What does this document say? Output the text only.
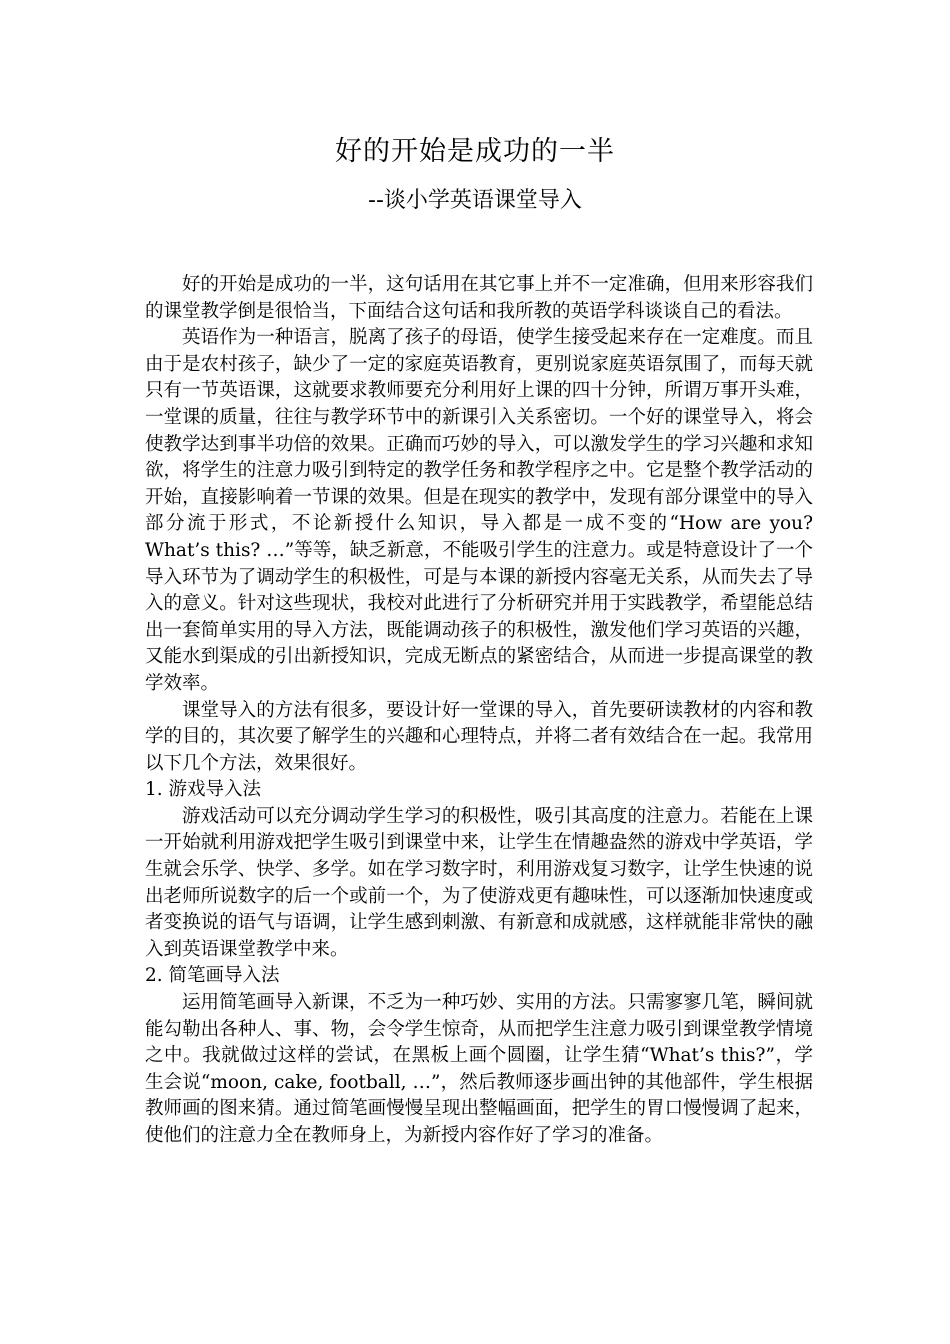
好的开始是成功的一半
--谈小学英语课堂导入

好的开始是成功的一半，这句话用在其它事上并不一定准确，但用来形容我们的课堂教学倒是很恰当，下面结合这句话和我所教的英语学科谈谈自己的看法。

英语作为一种语言，脱离了孩子的母语，使学生接受起来存在一定难度。而且由于是农村孩子，缺少了一定的家庭英语教育，更别说家庭英语氛围了，而每天就只有一节英语课，这就要求教师要充分利用好上课的四十分钟，所谓万事开头难，一堂课的质量，往往与教学环节中的新课引入关系密切。一个好的课堂导入，将会使教学达到事半功倍的效果。正确而巧妙的导入，可以激发学生的学习兴趣和求知欲，将学生的注意力吸引到特定的教学任务和教学程序之中。它是整个教学活动的开始，直接影响着一节课的效果。但是在现实的教学中，发现有部分课堂中的导入部分流于形式，不论新授什么知识，导入都是一成不变的“How are you? What’s this? …”等等，缺乏新意，不能吸引学生的注意力。或是特意设计了一个导入环节为了调动学生的积极性，可是与本课的新授内容毫无关系，从而失去了导入的意义。针对这些现状，我校对此进行了分析研究并用于实践教学，希望能总结出一套简单实用的导入方法，既能调动孩子的积极性，激发他们学习英语的兴趣，又能水到渠成的引出新授知识，完成无断点的紧密结合，从而进一步提高课堂的教学效率。

课堂导入的方法有很多，要设计好一堂课的导入，首先要研读教材的内容和教学的目的，其次要了解学生的兴趣和心理特点，并将二者有效结合在一起。我常用以下几个方法，效果很好。

1. 游戏导入法

游戏活动可以充分调动学生学习的积极性，吸引其高度的注意力。若能在上课一开始就利用游戏把学生吸引到课堂中来，让学生在情趣盎然的游戏中学英语，学生就会乐学、快学、多学。如在学习数字时，利用游戏复习数字，让学生快速的说出老师所说数字的后一个或前一个，为了使游戏更有趣味性，可以逐渐加快速度或者变换说的语气与语调，让学生感到刺激、有新意和成就感，这样就能非常快的融入到英语课堂教学中来。

2. 简笔画导入法

运用简笔画导入新课，不乏为一种巧妙、实用的方法。只需寥寥几笔，瞬间就能勾勒出各种人、事、物，会令学生惊奇，从而把学生注意力吸引到课堂教学情境之中。我就做过这样的尝试，在黑板上画个圆圈，让学生猜“What’s this?”，学生会说“moon, cake, football, …”，然后教师逐步画出钟的其他部件，学生根据教师画的图来猜。通过简笔画慢慢呈现出整幅画面，把学生的胃口慢慢调了起来，使他们的注意力全在教师身上，为新授内容作好了学习的准备。
